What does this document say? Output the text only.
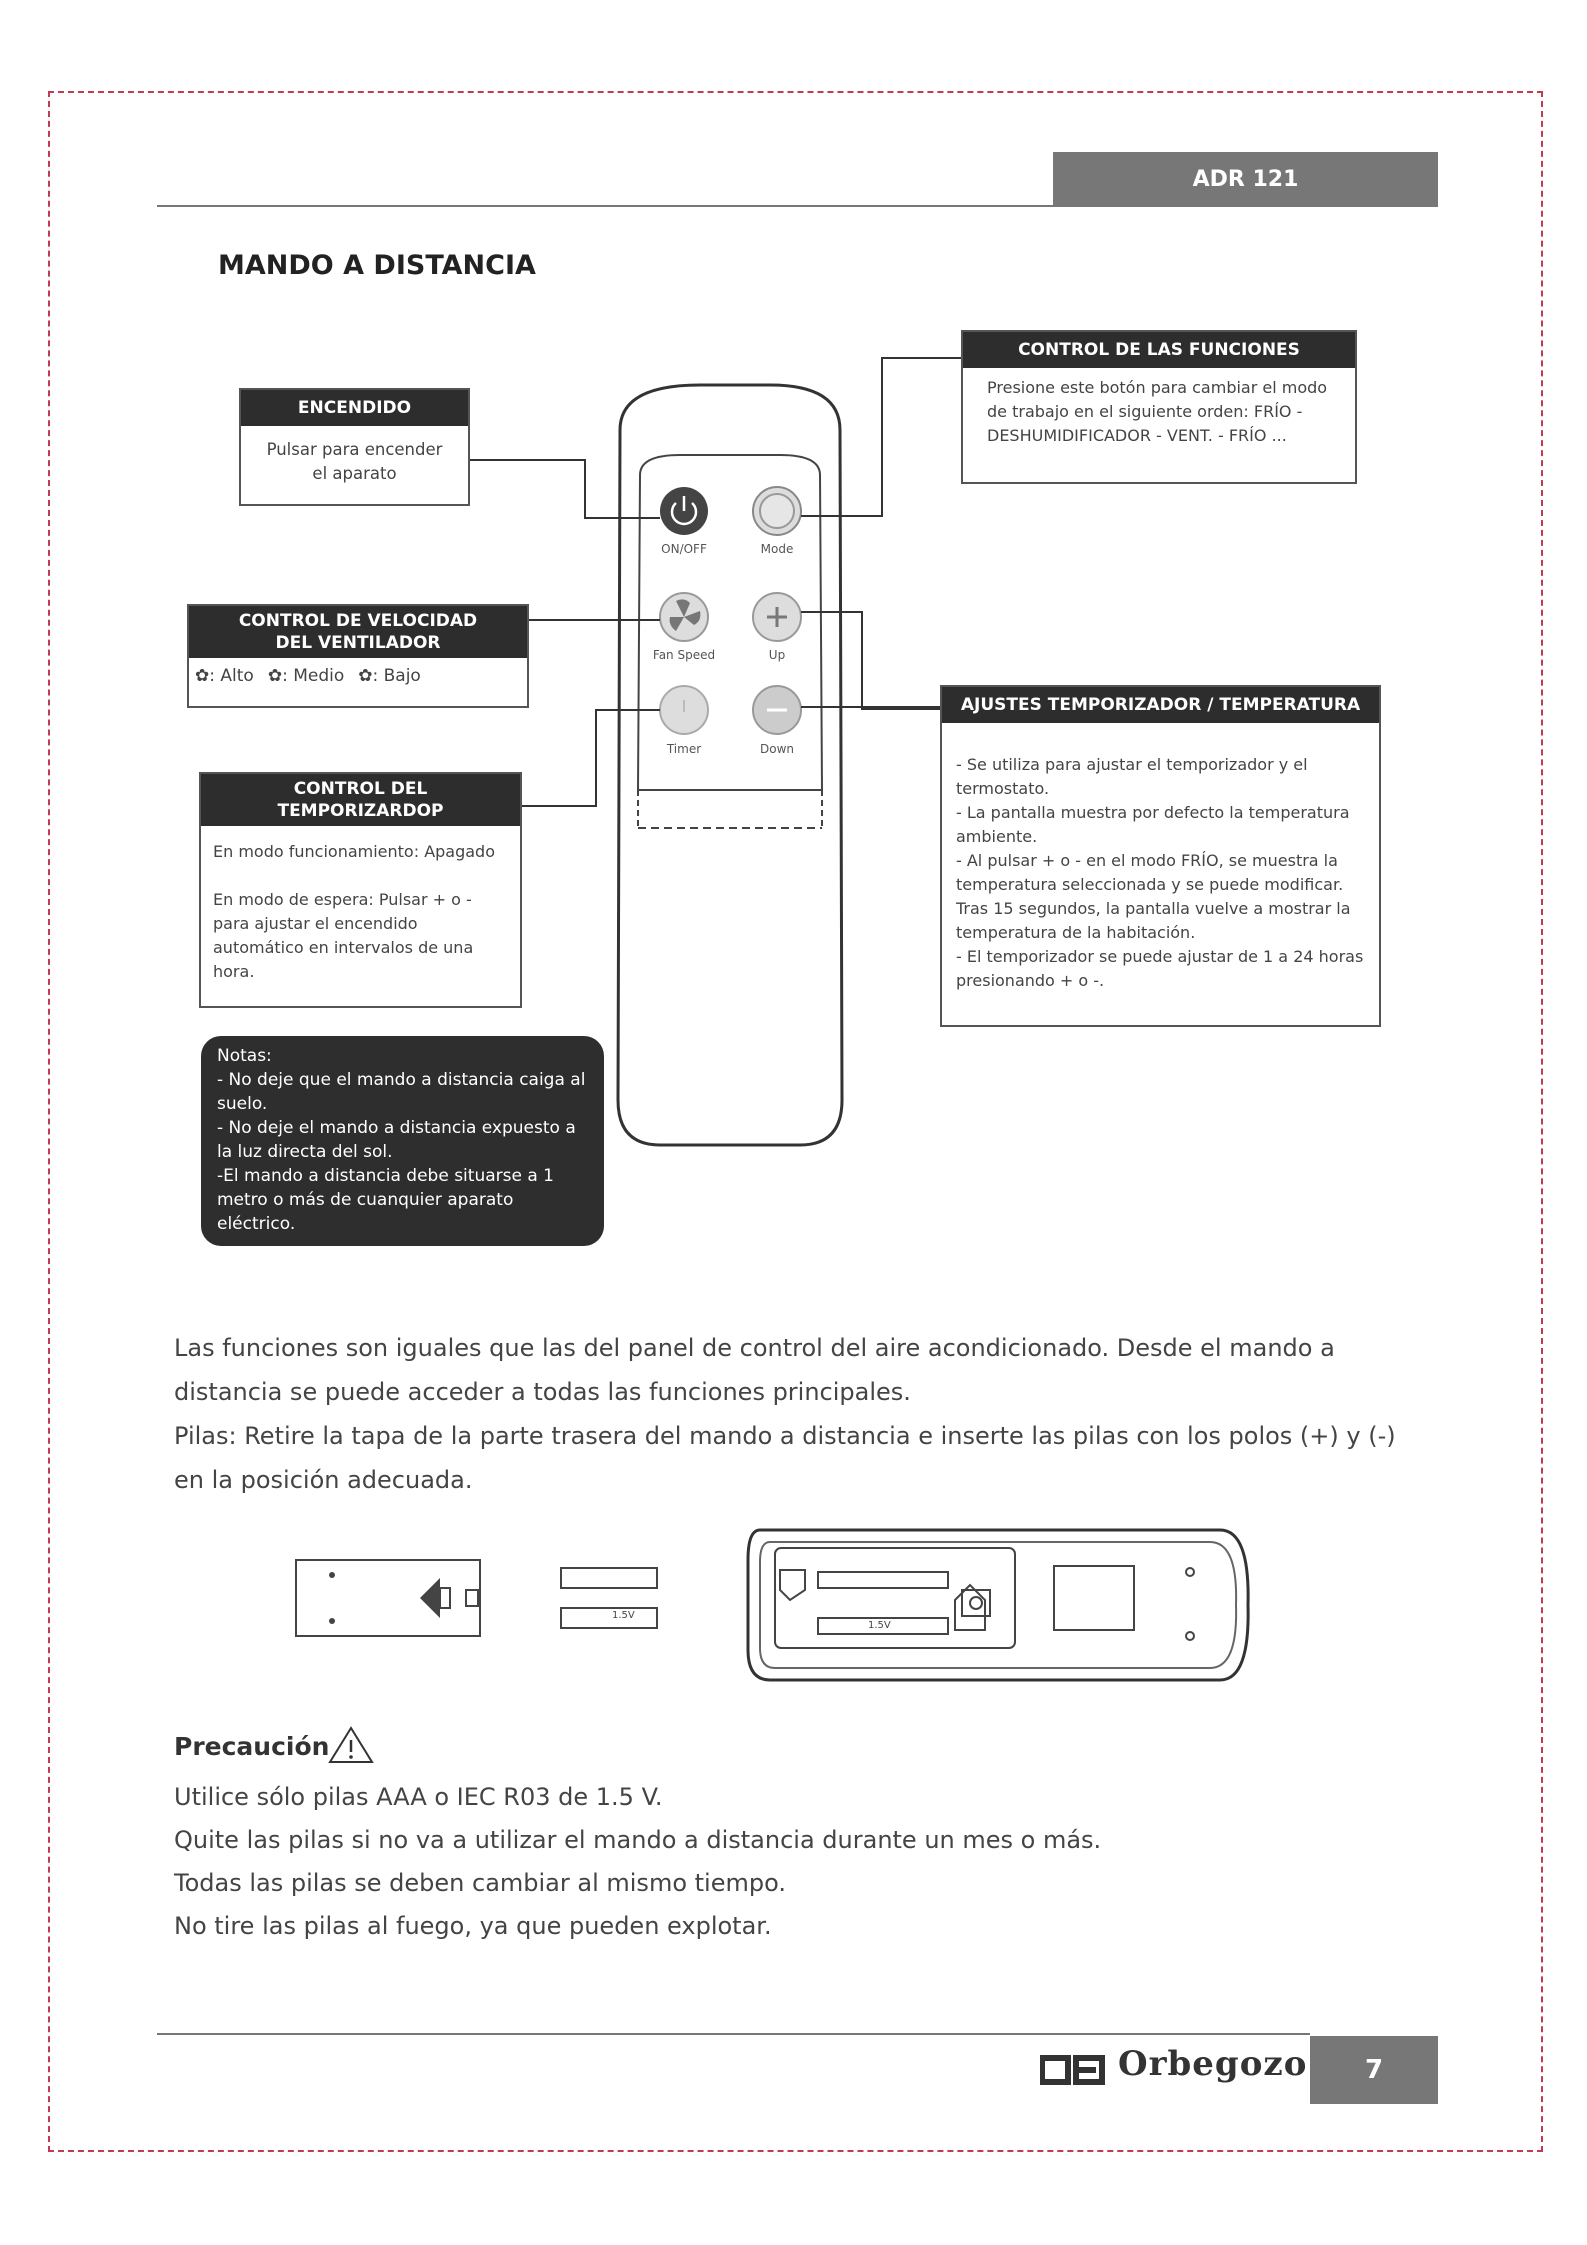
ADR 121
MANDO A DISTANCIA
1.5V
1.5V
ON/OFF	Mode
Fan Speed	Up
Timer	Down
ENCENDIDO
Pulsar para encender el aparato
CONTROL DE LAS FUNCIONES
Presione este botón para cambiar el modo de trabajo en el siguiente orden: FRÍO - DESHUMIDIFICADOR - VENT. - FRÍO ...
CONTROL DE VELOCIDAD
DEL VENTILADOR
✿: Alto ✿: Medio ✿: Bajo
AJUSTES TEMPORIZADOR / TEMPERATURA
- Se utiliza para ajustar el temporizador y el termostato.
- La pantalla muestra por defecto la temperatura ambiente.
- Al pulsar + o - en el modo FRÍO, se muestra la temperatura seleccionada y se puede modificar. Tras 15 segundos, la pantalla vuelve a mostrar la temperatura de la habitación.
- El temporizador se puede ajustar de 1 a 24 horas presionando + o -.
CONTROL DEL
TEMPORIZARDOP
En modo funcionamiento: Apagado
En modo de espera: Pulsar + o - para ajustar el encendido automático en intervalos de una hora.
Notas:
- No deje que el mando a distancia caiga al suelo.
- No deje el mando a distancia expuesto a la luz directa del sol.
-El mando a distancia debe situarse a 1 metro o más de cuanquier aparato eléctrico.
Las funciones son iguales que las del panel de control del aire acondicionado. Desde el mando a distancia se puede acceder a todas las funciones principales.
Pilas: Retire la tapa de la parte trasera del mando a distancia e inserte las pilas con los polos (+) y (-) en la posición adecuada.
Precaución
Utilice sólo pilas AAA o IEC R03 de 1.5 V.
Quite las pilas si no va a utilizar el mando a distancia durante un mes o más.
Todas las pilas se deben cambiar al mismo tiempo.
No tire las pilas al fuego, ya que pueden explotar.
Orbegozo	7
